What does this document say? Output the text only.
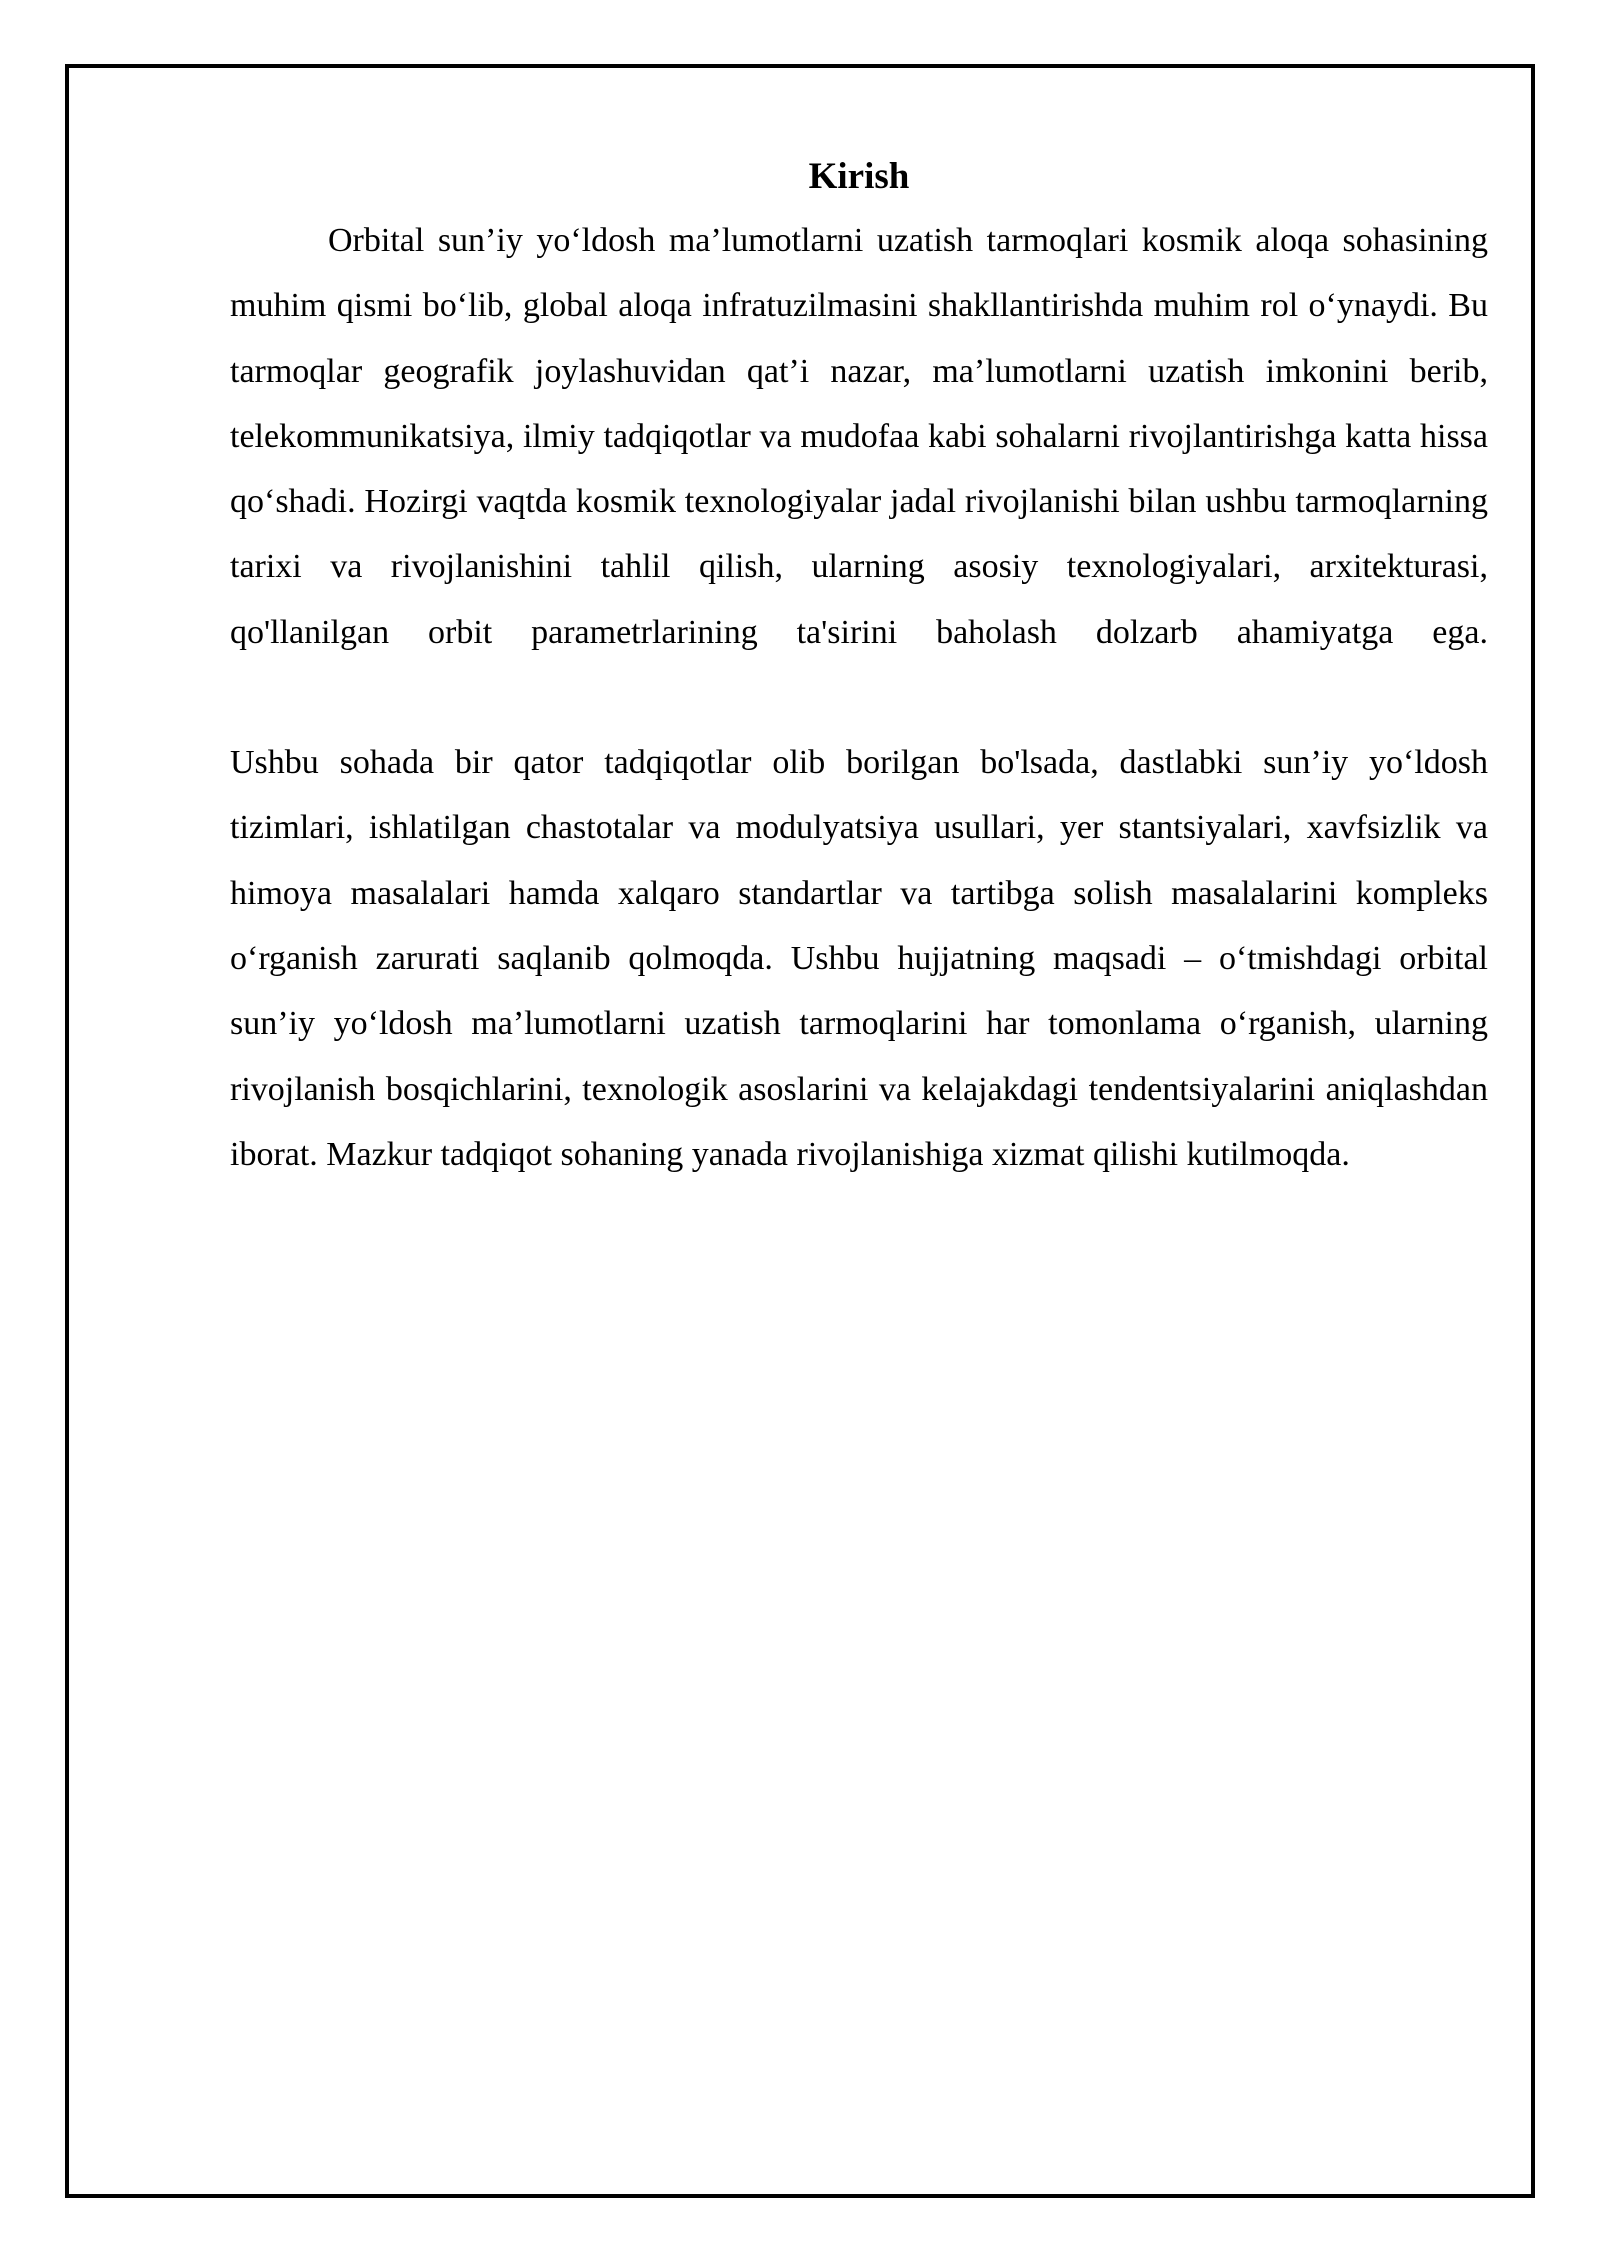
Kirish

Orbital sun’iy yo‘ldosh ma’lumotlarni uzatish tarmoqlari kosmik aloqa sohasining muhim qismi bo‘lib, global aloqa infratuzilmasini shakllantirishda muhim rol o‘ynaydi. Bu tarmoqlar geografik joylashuvidan qat’i nazar, ma’lumotlarni uzatish imkonini berib, telekommunikatsiya, ilmiy tadqiqotlar va mudofaa kabi sohalarni rivojlantirishga katta hissa qo‘shadi. Hozirgi vaqtda kosmik texnologiyalar jadal rivojlanishi bilan ushbu tarmoqlarning tarixi va rivojlanishini tahlil qilish, ularning asosiy texnologiyalari, arxitekturasi, qo'llanilgan orbit parametrlarining ta'sirini baholash dolzarb ahamiyatga ega.

Ushbu sohada bir qator tadqiqotlar olib borilgan bo'lsada, dastlabki sun’iy yo‘ldosh tizimlari, ishlatilgan chastotalar va modulyatsiya usullari, yer stantsiyalari, xavfsizlik va himoya masalalari hamda xalqaro standartlar va tartibga solish masalalarini kompleks o‘rganish zarurati saqlanib qolmoqda. Ushbu hujjatning maqsadi – o‘tmishdagi orbital sun’iy yo‘ldosh ma’lumotlarni uzatish tarmoqlarini har tomonlama o‘rganish, ularning rivojlanish bosqichlarini, texnologik asoslarini va kelajakdagi tendentsiyalarini aniqlashdan iborat. Mazkur tadqiqot sohaning yanada rivojlanishiga xizmat qilishi kutilmoqda.
